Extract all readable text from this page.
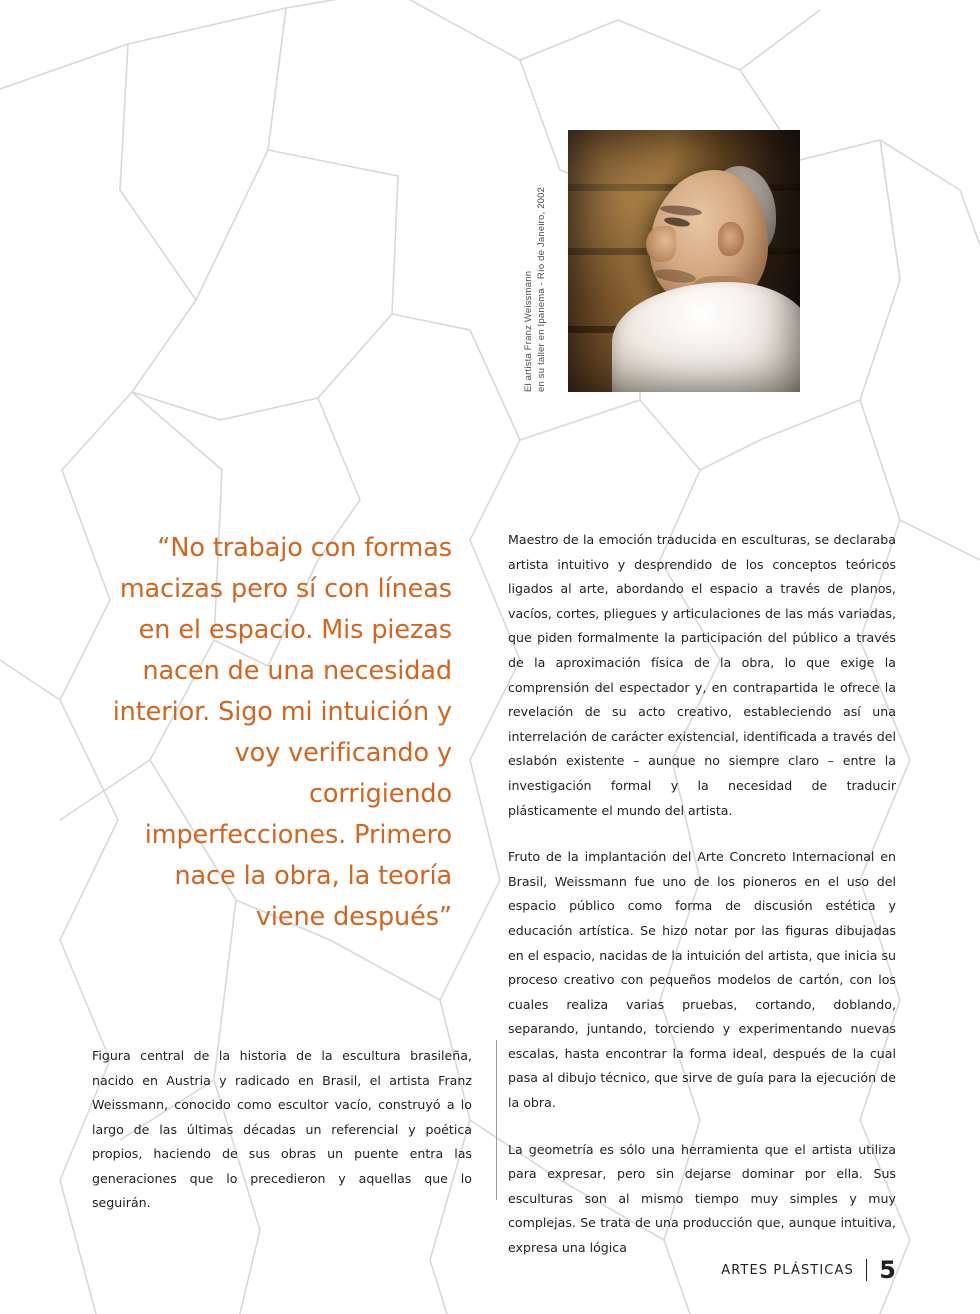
El artista Franz Weissmann en su taller en Ipanema - Río de Janeiro, 2002
“No trabajo con formas macizas pero sí con líneas en el espacio. Mis piezas nacen de una necesidad interior. Sigo mi intuición y voy verificando y corrigiendo imperfecciones. Primero nace la obra, la teoría viene después”
Figura central de la historia de la escultura brasileña, nacido en Austria y radicado en Brasil, el artista Franz Weissmann, conocido como escultor vacío, construyó a lo largo de las últimas décadas un referencial y poética propios, haciendo de sus obras un puente entra las generaciones que lo precedieron y aquellas que lo seguirán.

Maestro de la emoción traducida en esculturas, se declaraba artista intuitivo y desprendido de los conceptos teóricos ligados al arte, abordando el espacio a través de planos, vacíos, cortes, pliegues y articulaciones de las más variadas, que piden formalmente la participación del público a través de la aproximación física de la obra, lo que exige la comprensión del espectador y, en contrapartida le ofrece la revelación de su acto creativo, estableciendo así una interrelación de carácter existencial, identificada a través del eslabón existente – aunque no siempre claro – entre la investigación formal y la necesidad de traducir plásticamente el mundo del artista.

Fruto de la implantación del Arte Concreto Internacional en Brasil, Weissmann fue uno de los pioneros en el uso del espacio público como forma de discusión estética y educación artística. Se hizo notar por las figuras dibujadas en el espacio, nacidas de la intuición del artista, que inicia su proceso creativo con pequeños modelos de cartón, con los cuales realiza varias pruebas, cortando, doblando, separando, juntando, torciendo y experimentando nuevas escalas, hasta encontrar la forma ideal, después de la cual pasa al dibujo técnico, que sirve de guía para la ejecución de la obra.

La geometría es sólo una herramienta que el artista utiliza para expresar, pero sin dejarse dominar por ella. Sus esculturas son al mismo tiempo muy simples y muy complejas. Se trata de una producción que, aunque intuitiva, expresa una lógica

ARTES PLÁSTICAS 5
